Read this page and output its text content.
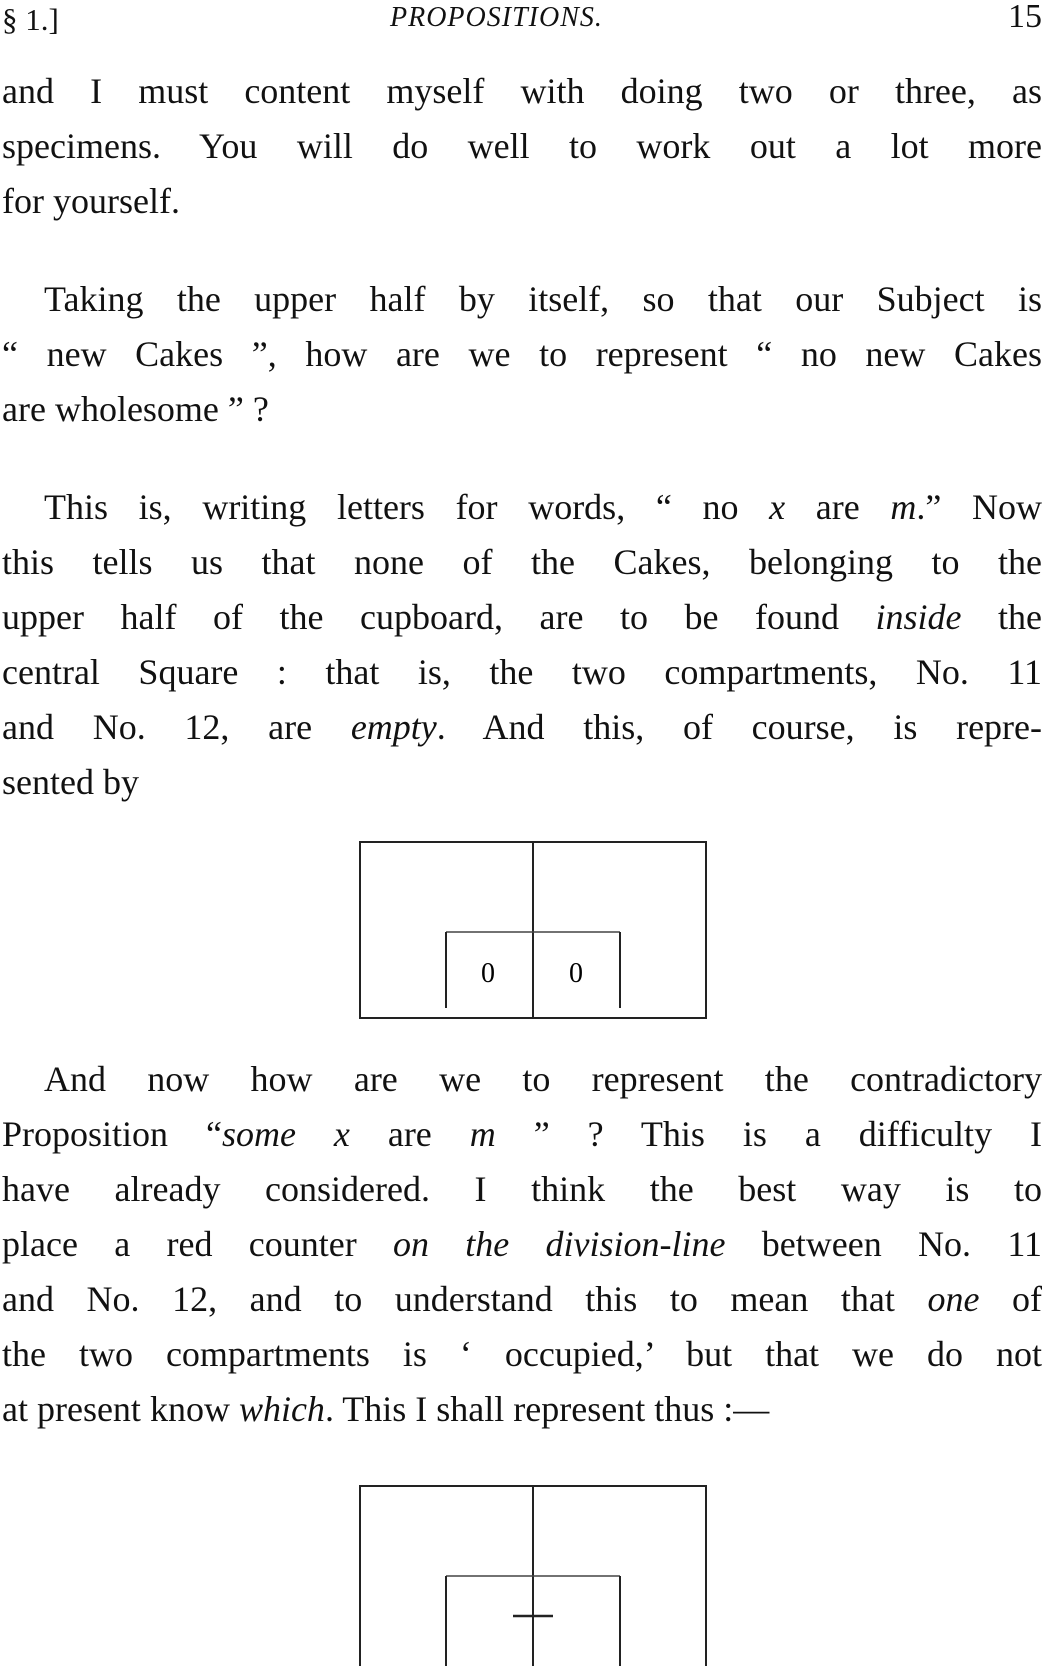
§ 1.]	PROPOSITIONS.	15
and I must content myself with doing two or three, as
specimens. You will do well to work out a lot more
for yourself.
Taking the upper half by itself, so that our Subject is
“ new Cakes ”, how are we to represent “ no new Cakes
are wholesome ” ?
This is, writing letters for words, “ no x are m.” Now
this tells us that none of the Cakes, belonging to the
upper half of the cupboard, are to be found inside the
central Square : that is, the two compartments, No. 11
and No. 12, are empty. And this, of course, is repre-
sented by
0	0
And now how are we to represent the contradictory
Proposition “some x are m ” ? This is a difficulty I
have already considered. I think the best way is to
place a red counter on the division-line between No. 11
and No. 12, and to understand this to mean that one of
the two compartments is ‘ occupied,’ but that we do not
at present know which. This I shall represent thus :—
